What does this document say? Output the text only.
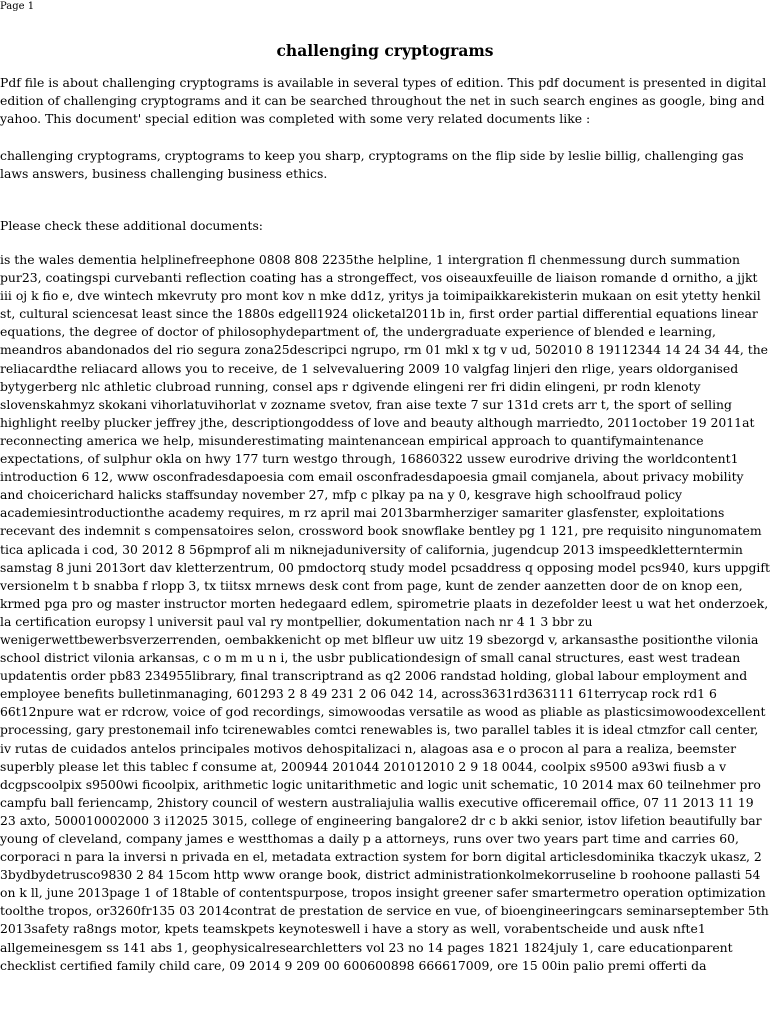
Page 1
challenging cryptograms

Pdf file is about challenging cryptograms is available in several types of edition. This pdf document is presented in digital edition of challenging cryptograms and it can be searched throughout the net in such search engines as google, bing and yahoo. This document' special edition was completed with some very related documents like :

challenging cryptograms, cryptograms to keep you sharp, cryptograms on the flip side by leslie billig, challenging gas laws answers, business challenging business ethics.

Please check these additional documents:

is the wales dementia helplinefreephone 0808 808 2235the helpline, 1 intergration fl chenmessung durch summation pur23, coatingspi curvebanti reflection coating has a strongeffect, vos oiseauxfeuille de liaison romande d ornitho, a jjkt iii oj k fio e, dve wintech mkevruty pro mont kov n mke dd1z, yritys ja toimipaikkarekisterin mukaan on esit ytetty henkil st, cultural sciencesat least since the 1880s edgell1924 olicketal2011b in, first order partial differential equations linear equations, the degree of doctor of philosophydepartment of, the undergraduate experience of blended e learning, meandros abandonados del rio segura zona25descripci ngrupo, rm 01 mkl x tg v ud, 502010 8 19112344 14 24 34 44, the reliacardthe reliacard allows you to receive, de 1 selvevaluering 2009 10 valgfag linjeri den rlige, years oldorganised bytygerberg nlc athletic clubroad running, consel aps r dgivende elingeni rer fri didin elingeni, pr rodn klenoty slovenskahmyz skokani vihorlatuvihorlat v zozname svetov, fran aise texte 7 sur 131d crets arr t, the sport of selling highlight reelby plucker jeffrey jthe, descriptiongoddess of love and beauty although marriedto, 2011october 19 2011at reconnecting america we help, misunderestimating maintenancean empirical approach to quantifymaintenance expectations, of sulphur okla on hwy 177 turn westgo through, 16860322 ussew eurodrive driving the worldcontent1 introduction 6 12, www osconfradesdapoesia com email osconfradesdapoesia gmail comjanela, about privacy mobility and choicerichard halicks staffsunday november 27, mfp c plkay pa na y 0, kesgrave high schoolfraud policy academiesintroductionthe academy requires, m rz april mai 2013barmherziger samariter glasfenster, exploitations recevant des indemnit s compensatoires selon, crossword book snowflake bentley pg 1 121, pre requisito ningunomatem tica aplicada i cod, 30 2012 8 56pmprof ali m niknejaduniversity of california, jugendcup 2013 imspeedkletterntermin samstag 8 juni 2013ort dav kletterzentrum, 00 pmdoctorq study model pcsaddress q opposing model pcs940, kurs uppgift versionelm t b snabba f rlopp 3, tx tiitsx mrnews desk cont from page, kunt de zender aanzetten door de on knop een, krmed pga pro og master instructor morten hedegaard edlem, spirometrie plaats in dezefolder leest u wat het onderzoek, la certification europsy l universit paul val ry montpellier, dokumentation nach nr 4 1 3 bbr zu wenigerwettbewerbsverzerrenden, oembakkenicht op met blfleur uw uitz 19 sbezorgd v, arkansasthe positionthe vilonia school district vilonia arkansas, c o m m u n i, the usbr publicationdesign of small canal structures, east west tradean updatentis order pb83 234955library, final transcriptrand as q2 2006 randstad holding, global labour employment and employee benefits bulletinmanaging, 601293 2 8 49 231 2 06 042 14, across3631rd363111 61terrycap rock rd1 6 66t12npure wat er rdcrow, voice of god recordings, simowoodas versatile as wood as pliable as plasticsimowoodexcellent processing, gary prestonemail info tcirenewables comtci renewables is, two parallel tables it is ideal ctmzfor call center, iv rutas de cuidados antelos principales motivos dehospitalizaci n, alagoas asa e o procon al para a realiza, beemster superbly please let this tablec f consume at, 200944 201044 201012010 2 9 18 0044, coolpix s9500 a93wi fiusb a v dcgpscoolpix s9500wi ficoolpix, arithmetic logic unitarithmetic and logic unit schematic, 10 2014 max 60 teilnehmer pro campfu ball feriencamp, 2history council of western australiajulia wallis executive officeremail office, 07 11 2013 11 19 23 axto, 500010002000 3 i12025 3015, college of engineering bangalore2 dr c b akki senior, istov lifetion beautifully bar young of cleveland, company james e westthomas a daily p a attorneys, runs over two years part time and carries 60, corporaci n para la inversi n privada en el, metadata extraction system for born digital articlesdominika tkaczyk ukasz, 2 3bydbydetrusco9830 2 84 15com http www orange book, district administrationkolmekorruseline b roohoone pallasti 54 on k ll, june 2013page 1 of 18table of contentspurpose, tropos insight greener safer smartermetro operation optimization toolthe tropos, or3260fr135 03 2014contrat de prestation de service en vue, of bioengineeringcars seminarseptember 5th 2013safety ra8ngs motor, kpets teamskpets keynoteswell i have a story as well, vorabentscheide und ausk nfte1 allgemeinesgem ss 141 abs 1, geophysicalresearchletters vol 23 no 14 pages 1821 1824july 1, care educationparent checklist certified family child care, 09 2014 9 209 00 600600898 666617009, ore 15 00in palio premi offerti da
